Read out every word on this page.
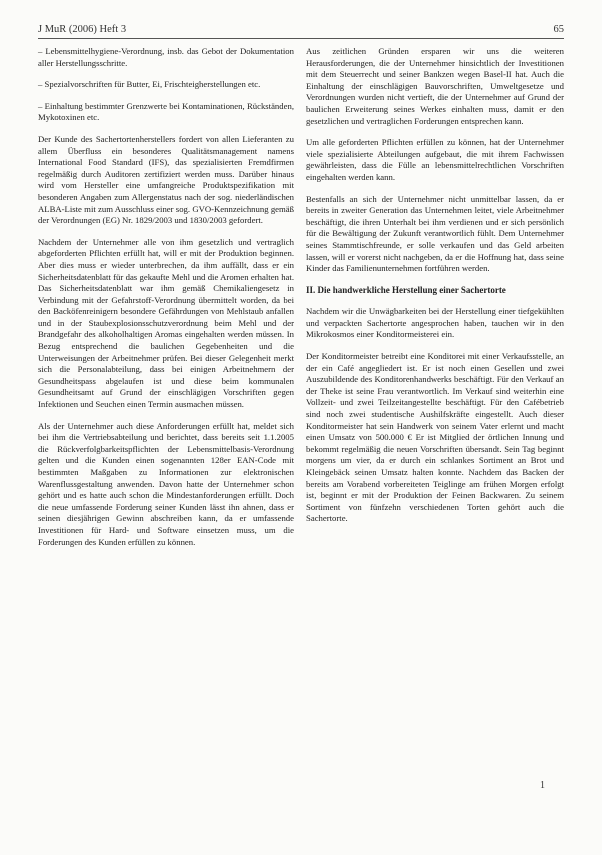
J MuR (2006) Heft 3	65

– Lebensmittelhygiene-Verordnung, insb. das Gebot der Dokumentation aller Herstellungsschritte.

– Spezialvorschriften für Butter, Ei, Frischteigherstellungen etc.

– Einhaltung bestimmter Grenzwerte bei Kontaminationen, Rückständen, Mykotoxinen etc.

Der Kunde des Sachertortenherstellers fordert von allen Lieferanten zu allem Überfluss ein besonderes Qualitätsmanagement namens International Food Standard (IFS), das spezialisierten Fremdfirmen regelmäßig durch Auditoren zertifiziert werden muss. Darüber hinaus wird vom Hersteller eine umfangreiche Produktspezifikation mit besonderen Angaben zum Allergenstatus nach der sog. niederländischen ALBA-Liste mit zum Ausschluss einer sog. GVO-Kennzeichnung gemäß der Verordnungen (EG) Nr. 1829/2003 und 1830/2003 gefordert.

Nachdem der Unternehmer alle von ihm gesetzlich und vertraglich abgeforderten Pflichten erfüllt hat, will er mit der Produktion beginnen. Aber dies muss er wieder unterbrechen, da ihm auffällt, dass er ein Sicherheitsdatenblatt für das gekaufte Mehl und die Aromen erhalten hat. Das Sicherheitsdatenblatt war ihm gemäß Chemikaliengesetz in Verbindung mit der Gefahrstoff-Verordnung übermittelt worden, da bei den Backöfenreinigern besondere Gefährdungen von Mehlstaub anfallen und in der Staubexplosionsschutzverordnung beim Mehl und der Brandgefahr des alkoholhaltigen Aromas eingehalten werden müssen. In Bezug entsprechend die baulichen Gegebenheiten und die Unterweisungen der Arbeitnehmer prüfen. Bei dieser Gelegenheit merkt sich die Personalabteilung, dass bei einigen Arbeitnehmern der Gesundheitspass abgelaufen ist und diese beim kommunalen Gesundheitsamt auf Grund der einschlägigen Vorschriften gegen Infektionen und Seuchen einen Termin ausmachen müssen.

Als der Unternehmer auch diese Anforderungen erfüllt hat, meldet sich bei ihm die Vertriebsabteilung und berichtet, dass bereits seit 1.1.2005 die Rückverfolgbarkeitspflichten der Lebensmittelbasis-Verordnung gelten und die Kunden einen sogenannten 128er EAN-Code mit bestimmten Maßgaben zu Informationen zur elektronischen Warenflussgestaltung anwenden. Davon hatte der Unternehmer schon gehört und es hatte auch schon die Mindestanforderungen erfüllt. Doch die neue umfassende Forderung seiner Kunden lässt ihn ahnen, dass er seinen diesjährigen Gewinn abschreiben kann, da er umfassende Investitionen für Hard- und Software einsetzen muss, um die Forderungen des Kunden erfüllen zu können.

Aus zeitlichen Gründen ersparen wir uns die weiteren Herausforderungen, die der Unternehmer hinsichtlich der Investitionen mit dem Steuerrecht und seiner Bankzen wegen Basel-II hat. Auch die Einhaltung der einschlägigen Bauvorschriften, Umweltgesetze und Verordnungen wurden nicht vertieft, die der Unternehmer auf Grund der baulichen Erweiterung seines Werkes einhalten muss, damit er den gesetzlichen und vertraglichen Forderungen entsprechen kann.

Um alle geforderten Pflichten erfüllen zu können, hat der Unternehmer viele spezialisierte Abteilungen aufgebaut, die mit ihrem Fachwissen gewährleisten, dass die Fülle an lebensmittelrechtlichen Vorschriften eingehalten werden kann.

Bestenfalls an sich der Unternehmer nicht unmittelbar lassen, da er bereits in zweiter Generation das Unternehmen leitet, viele Arbeitnehmer beschäftigt, die ihren Unterhalt bei ihm verdienen und er sich persönlich für die Bewältigung der Zukunft verantwortlich fühlt. Dem Unternehmer seines Stammtischfreunde, er solle verkaufen und das Geld arbeiten lassen, will er vorerst nicht nachgeben, da er die Hoffnung hat, dass seine Kinder das Familienunternehmen fortführen werden.

II. Die handwerkliche Herstellung einer Sachertorte

Nachdem wir die Unwägbarkeiten bei der Herstellung einer tiefgekühlten und verpackten Sachertorte angesprochen haben, tauchen wir in den Mikrokosmos einer Konditormeisterei ein.

Der Konditormeister betreibt eine Konditorei mit einer Verkaufsstelle, an der ein Café angegliedert ist. Er ist noch einen Gesellen und zwei Auszubildende des Konditorenhandwerks beschäftigt. Für den Verkauf an der Theke ist seine Frau verantwortlich. Im Verkauf sind weiterhin eine Vollzeit- und zwei Teilzeitangestellte beschäftigt. Für den Cafébetrieb sind noch zwei studentische Aushilfskräfte eingestellt. Auch dieser Konditormeister hat sein Handwerk von seinem Vater erlernt und macht einen Umsatz von 500.000 € Er ist Mitglied der örtlichen Innung und bekommt regelmäßig die neuen Vorschriften übersandt. Sein Tag beginnt morgens um vier, da er durch ein schlankes Sortiment an Brot und Kleingebäck seinen Umsatz halten konnte. Nachdem das Backen der bereits am Vorabend vorbereiteten Teiglinge am frühen Morgen erfolgt ist, beginnt er mit der Produktion der Feinen Backwaren. Zu seinem Sortiment von fünfzehn verschiedenen Torten gehört auch die Sachertorte.

1
